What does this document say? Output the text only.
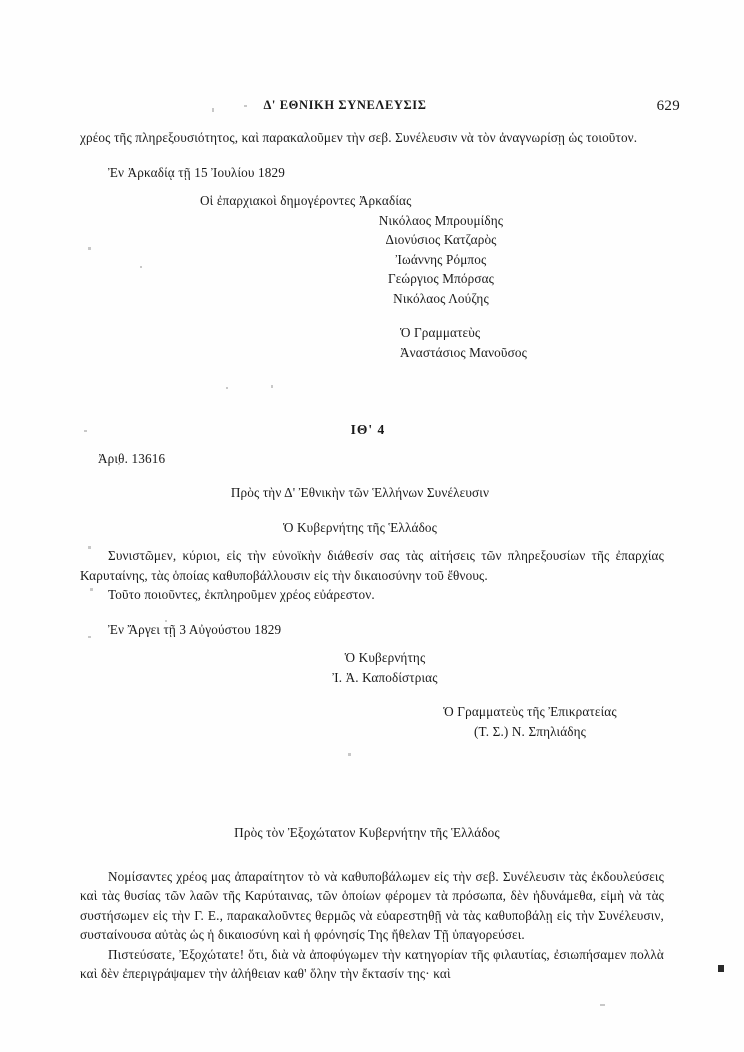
Δ' ΕΘΝΙΚΗ ΣΥΝΕΛΕΥΣΙΣ	629

χρέος τῆς πληρεξουσιότητος, καὶ παρακαλοῦμεν τὴν σεβ. Συνέλευσιν νὰ τὸν ἀναγνωρίσῃ ὡς τοιοῦτον.

Ἐν Ἀρκαδίᾳ τῇ 15 Ἰουλίου 1829

Οἱ ἐπαρχιακοὶ δημογέροντες Ἀρκαδίας

Νικόλαος Μπρουμίδης

Διονύσιος Κατζαρὸς

Ἰωάννης Ρόμπος

Γεώργιος Μπόρσας

Νικόλαος Λούζης

Ὁ Γραμματεὺς

Ἀναστάσιος Μανοῦσος

ΙΘ' 4

Ἀριθ. 13616

Πρὸς τὴν Δ' Ἐθνικὴν τῶν Ἑλλήνων Συνέλευσιν

Ὁ Κυβερνήτης τῆς Ἑλλάδος

Συνιστῶμεν, κύριοι, εἰς τὴν εὐνοϊκὴν διάθεσίν σας τὰς αἰτήσεις τῶν πληρεξουσίων τῆς ἐπαρχίας Καρυταίνης, τὰς ὁποίας καθυποβάλλουσιν εἰς τὴν δικαιοσύνην τοῦ ἔθνους.

Τοῦτο ποιοῦντες, ἐκπληροῦμεν χρέος εὐάρεστον.

Ἐν Ἄργει τῇ 3 Αὐγούστου 1829

Ὁ Κυβερνήτης

Ἰ. Ἀ. Καποδίστριας

Ὁ Γραμματεὺς τῆς Ἐπικρατείας

(Τ. Σ.) Ν. Σπηλιάδης

Πρὸς τὸν Ἐξοχώτατον Κυβερνήτην τῆς Ἑλλάδος

Νομίσαντες χρέος μας ἀπαραίτητον τὸ νὰ καθυποβάλωμεν εἰς τὴν σεβ. Συνέλευσιν τὰς ἐκδουλεύσεις καὶ τὰς θυσίας τῶν λαῶν τῆς Καρύταινας, τῶν ὁποίων φέρομεν τὰ πρόσωπα, δὲν ἠδυνάμεθα, εἰμὴ νὰ τὰς συστήσωμεν εἰς τὴν Γ. Ε., παρακαλοῦντες θερμῶς νὰ εὐαρεστηθῇ νὰ τὰς καθυποβάλῃ εἰς τὴν Συνέλευσιν, συσταίνουσα αὐτὰς ὡς ἡ δικαιοσύνη καὶ ἡ φρόνησίς Της ἤθελαν Τῇ ὑπαγορεύσει.

Πιστεύσατε, Ἐξοχώτατε! ὅτι, διὰ νὰ ἀποφύγωμεν τὴν κατηγορίαν τῆς φιλαυτίας, ἐσιωπήσαμεν πολλὰ καὶ δὲν ἐπεριγράψαμεν τὴν ἀλήθειαν καθ' ὅλην τὴν ἔκτασίν της· καὶ
